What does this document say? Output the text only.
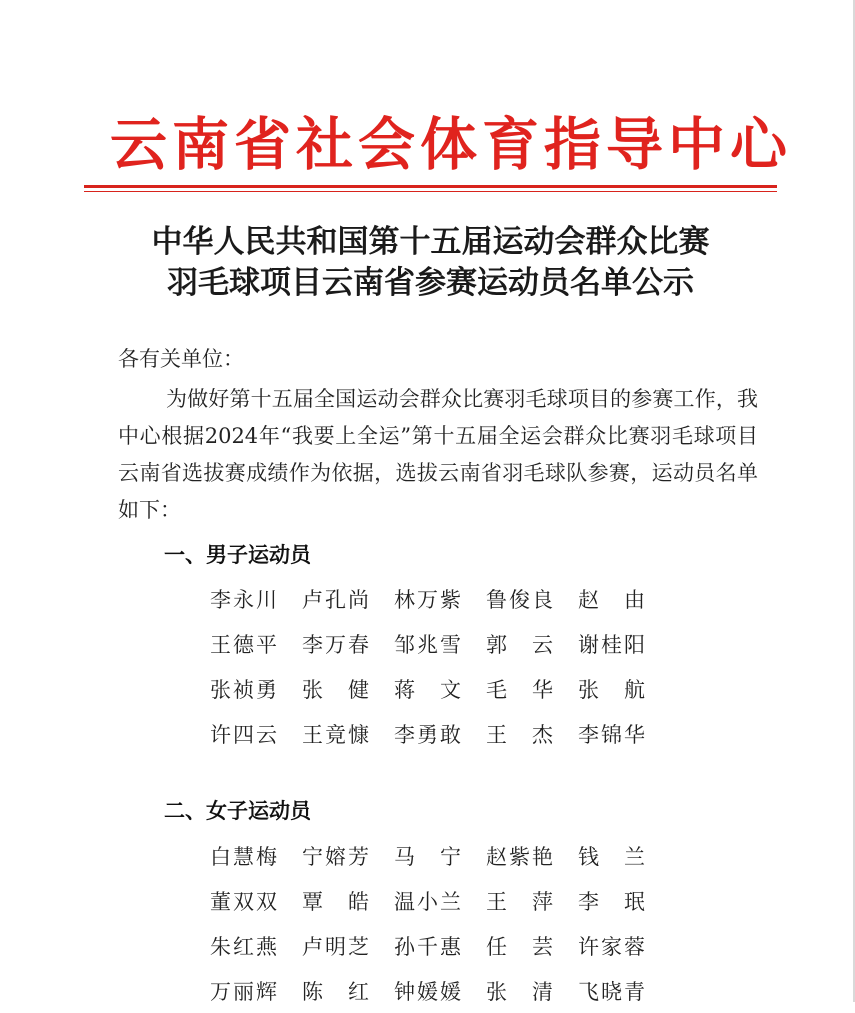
云南省社会体育指导中心
中华人民共和国第十五届运动会群众比赛
羽毛球项目云南省参赛运动员名单公示
各有关单位：
为做好第十五届全国运动会群众比赛羽毛球项目的参赛工作，我中心根据2024年“我要上全运”第十五届全运会群众比赛羽毛球项目云南省选拔赛成绩作为依据，选拔云南省羽毛球队参赛，运动员名单如下：
一、男子运动员
李永川	卢孔尚	林万紫	鲁俊良	赵　由
王德平	李万春	邹兆雪	郭　云	谢桂阳
张祯勇	张　健	蒋　文	毛　华	张　航
许四云	王竟慷	李勇敢	王　杰	李锦华
二、女子运动员
白慧梅	宁嫆芳	马　宁	赵紫艳	钱　兰
董双双	覃　皓	温小兰	王　萍	李　珉
朱红燕	卢明芝	孙千惠	任　芸	许家蓉
万丽辉	陈　红	钟媛媛	张　清	飞晓青
